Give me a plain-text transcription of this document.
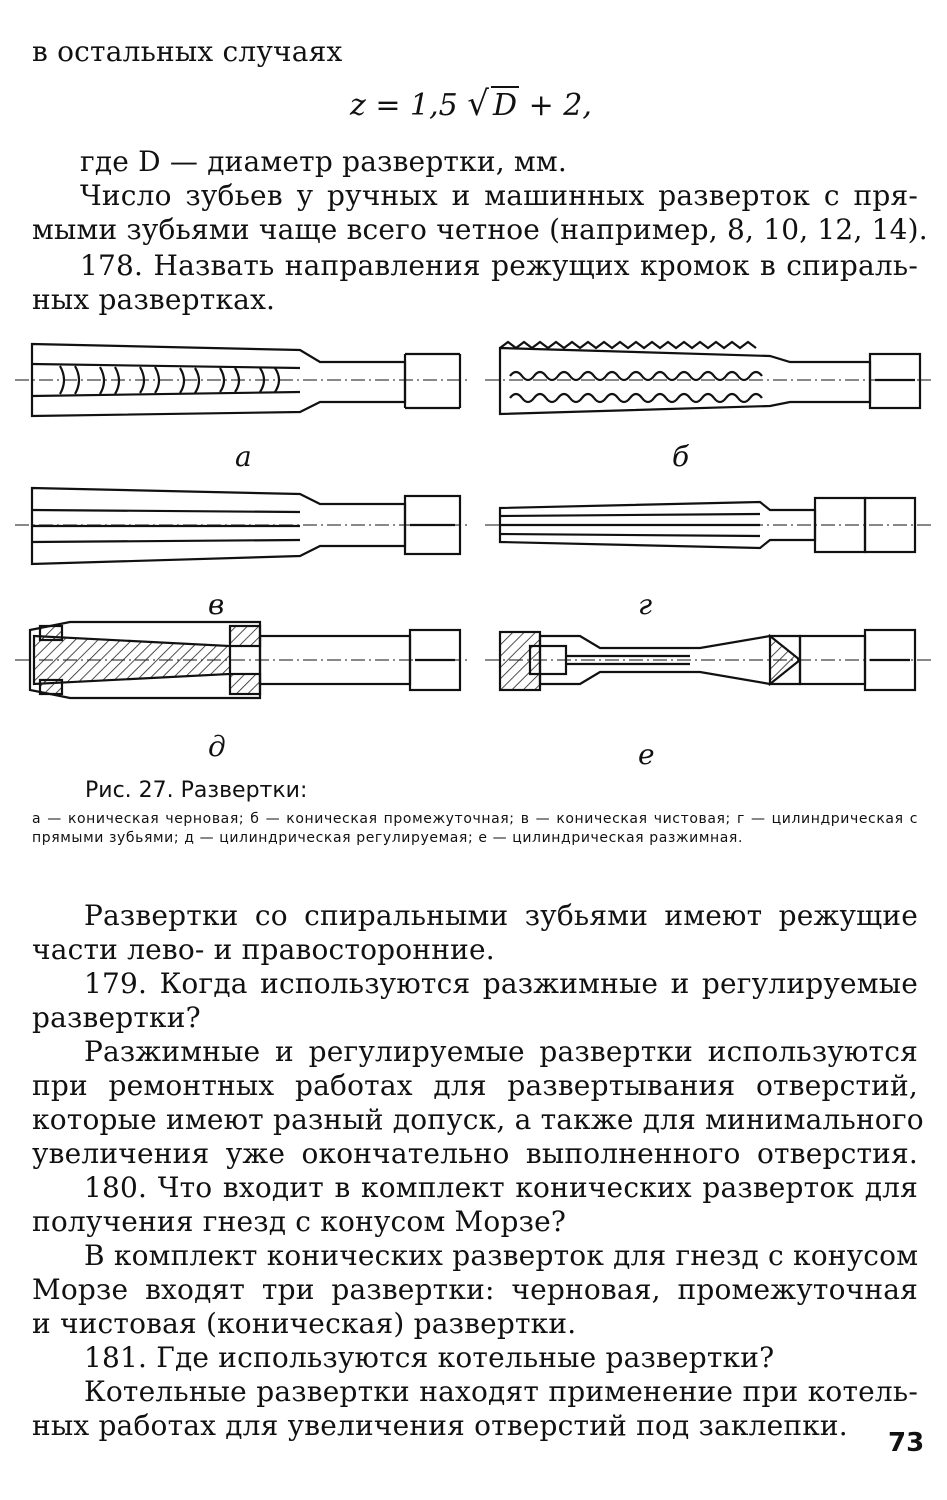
в остальных случаях
z = 1,5 √ D + 2,
где D — диаметр развертки, мм.
Число зубьев у ручных и машинных разверток с пря-
мыми зубьями чаще всего четное (например, 8, 10, 12, 14).
178. Назвать направления режущих кромок в спираль-
ных развертках.
а	б
в	г
д	е
Рис. 27. Развертки:
а — коническая черновая; б — коническая промежуточная; в — коническая чистовая; г — цилиндрическая с прямыми зубьями; д — цилиндрическая регулируемая; е — цилиндрическая разжимная.
Развертки со спиральными зубьями имеют режущие
части лево- и правосторонние.
179. Когда используются разжимные и регулируемые
развертки?
Разжимные и регулируемые развертки используются
при ремонтных работах для развертывания отверстий,
которые имеют разный допуск, а также для минимального
увеличения уже окончательно выполненного отверстия.
180. Что входит в комплект конических разверток для
получения гнезд с конусом Морзе?
В комплект конических разверток для гнезд с конусом
Морзе входят три развертки: черновая, промежуточная
и чистовая (коническая) развертки.
181. Где используются котельные развертки?
Котельные развертки находят применение при котель-
ных работах для увеличения отверстий под заклепки.
73
